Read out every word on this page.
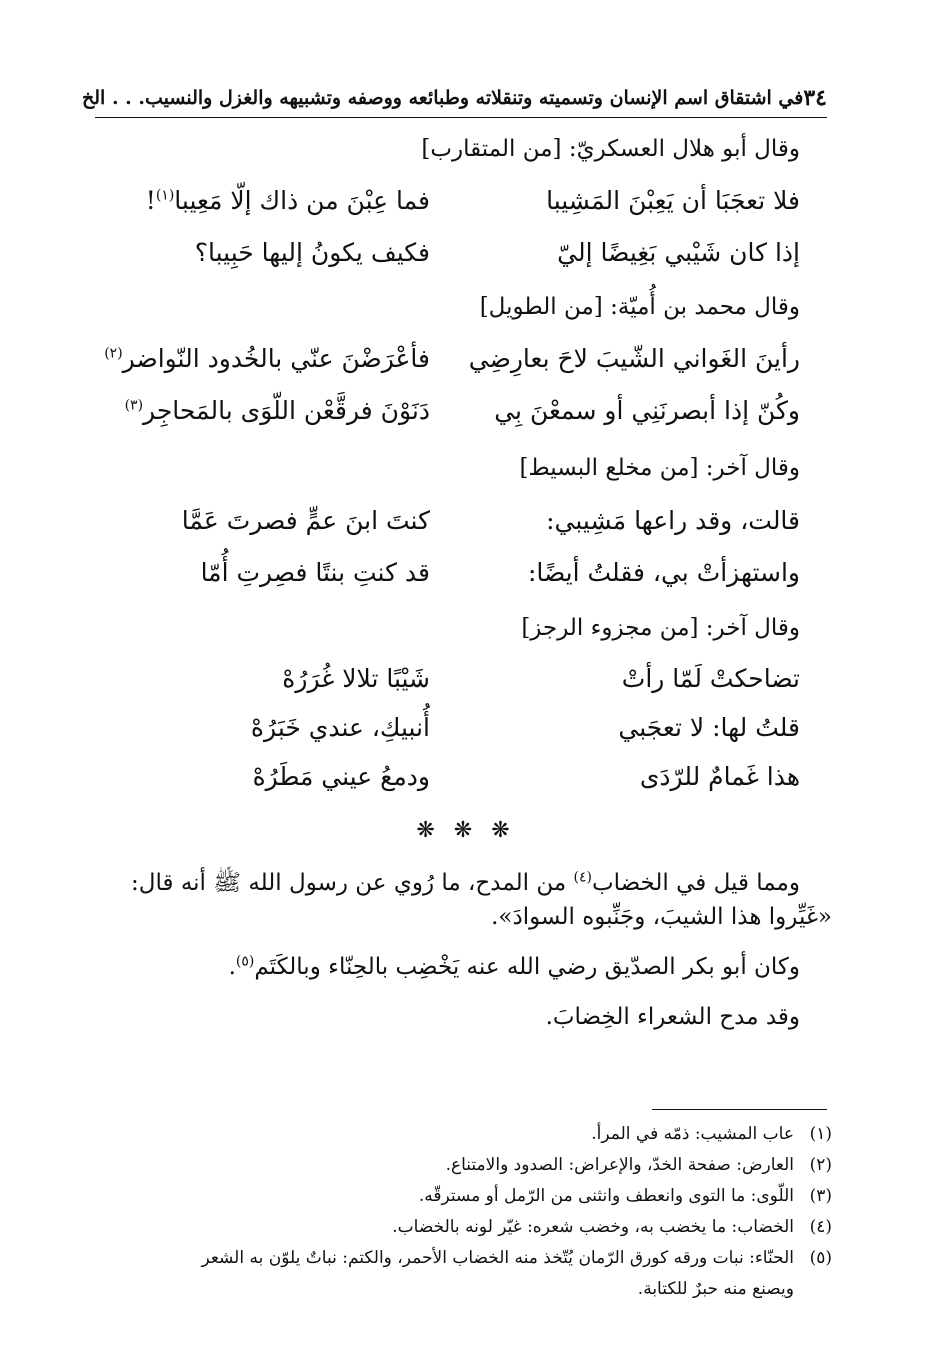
٣٤
في اشتقاق اسم الإنسان وتسميته وتنقلاته وطبائعه ووصفه وتشبيهه والغزل والنسيب. . . الخ
وقال أبو هلال العسكريّ: [من المتقارب]
فلا تعجَبَا أن يَعِبْنَ المَشِيبا
فما عِبْنَ من ذاك إلّا مَعِيبا$^{(١)}$!
إذا كان شَيْبي بَغِيضًا إليّ
فكيف يكونُ إليها حَبِيبا؟
وقال محمد بن أُميّة: [من الطويل]
رأينَ الغَواني الشّيبَ لاحَ بعارِضِي
فأعْرَضْنَ عنّي بالخُدود النّواضر$^{(٢)}$
وكُنّ إذا أبصرنَنِي أو سمعْنَ بِي
دَنَوْنَ فرقَّعْن اللّوَى بالمَحاجِر$^{(٣)}$
وقال آخر: [من مخلع البسيط]
قالت، وقد راعها مَشِيبي:
كنتَ ابنَ عمٍّ فصرتَ عَمَّا
واستهزأتْ بي، فقلتُ أيضًا:
قد كنتِ بنتًا فصِرتِ أُمّا
وقال آخر: [من مجزوء الرجز]
تضاحكتْ لَمّا رأتْ
شَيْبًا تلالا غُرَرُهْ
قلتُ لها: لا تعجَبي
أُنبيكِ، عندي خَبَرُهْ
هذا غَمامٌ للرّدَى
ودمعُ عيني مَطَرُهْ
❋ ❋ ❋
ومما قيل في الخضاب$^{(٤)}$ من المدح، ما رُوي عن رسول الله ﷺ أنه قال:
«غَيِّروا هذا الشيبَ، وجَنِّبوه السوادَ».
وكان أبو بكر الصدّيق رضي الله عنه يَخْضِب بالحِنّاء وبالكَتَم$^{(٥)}$.
وقد مدح الشعراء الخِضابَ.
(١)عاب المشيب: ذمّه في المرأ.
(٢)العارض: صفحة الخدّ، والإعراض: الصدود والامتناع.
(٣)اللّوى: ما التوى وانعطف وانثنى من الرّمل أو مسترقّه.
(٤)الخضاب: ما يخضب به، وخضب شعره: غيّر لونه بالخضاب.
(٥)الحنّاء: نبات ورقه كورق الرّمان يُتّخذ منه الخضاب الأحمر، والكتم: نباتٌ يلوّن به الشعر
ويصنع منه حبرٌ للكتابة.
